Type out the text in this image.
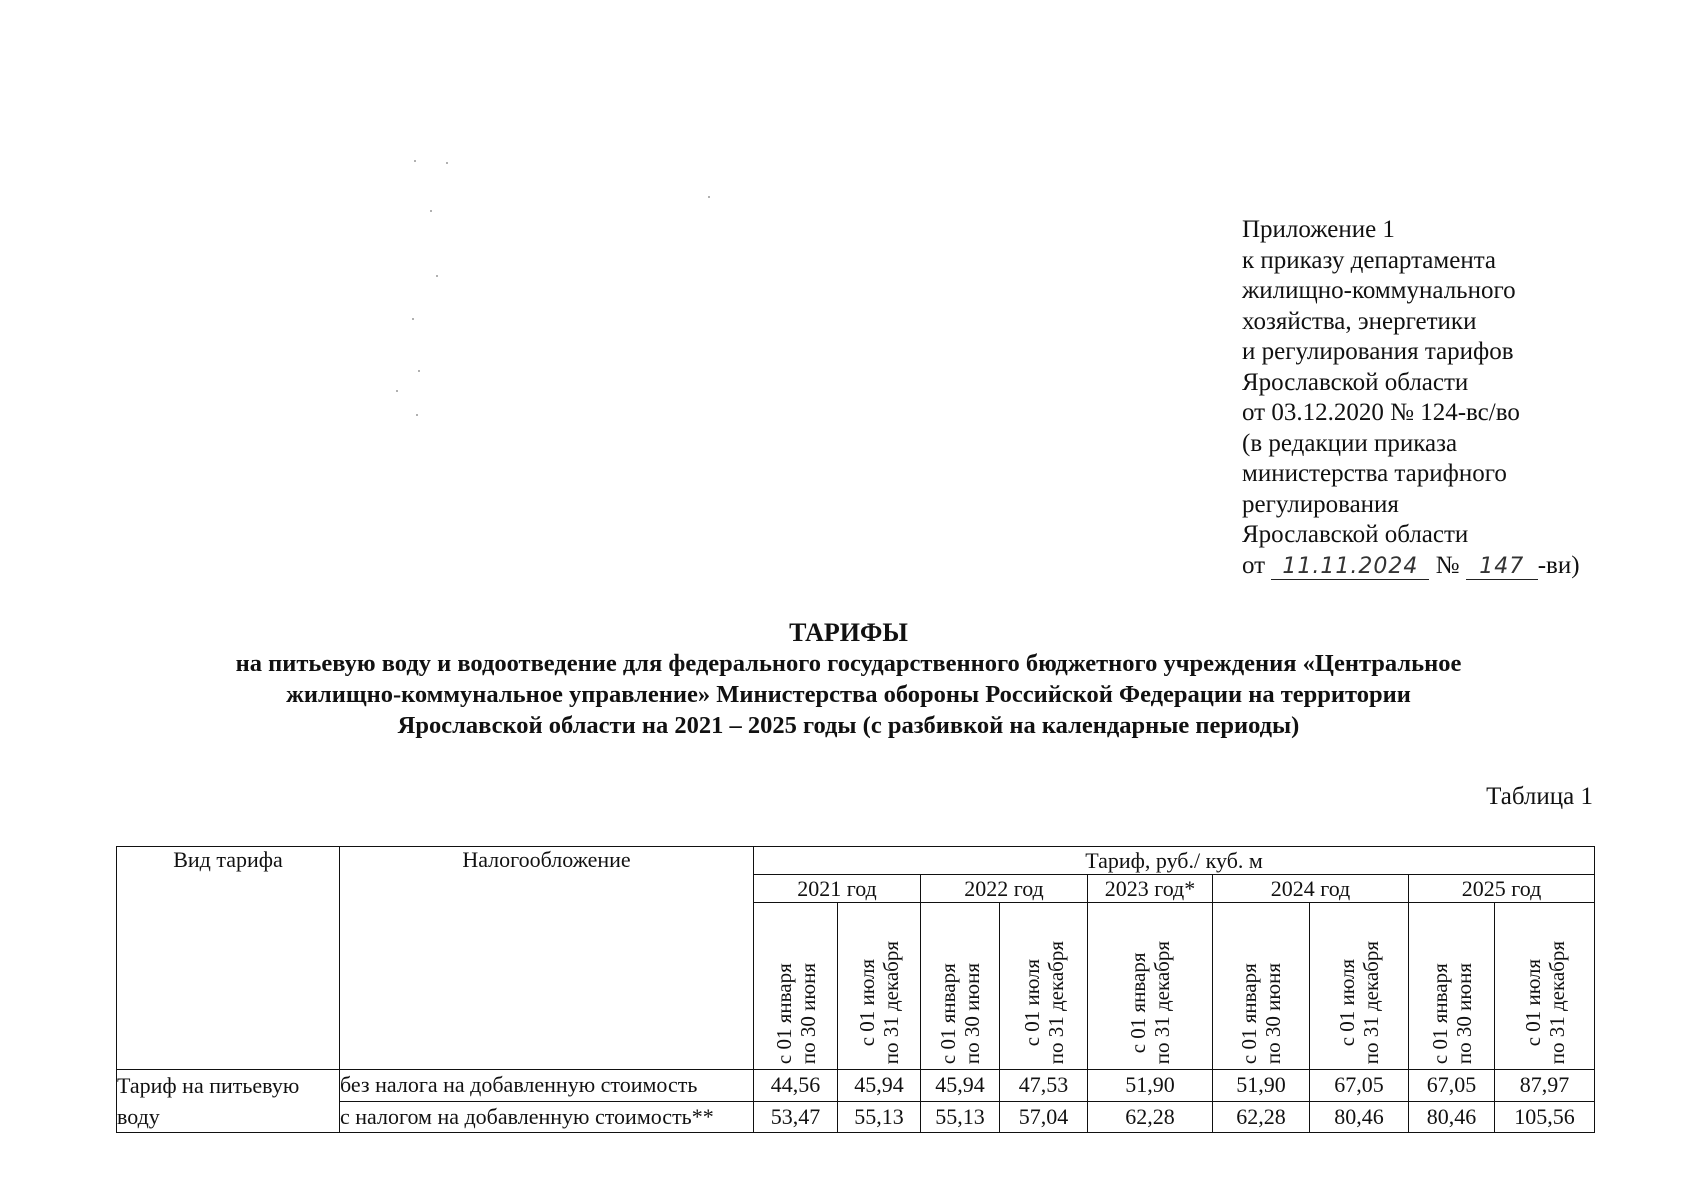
Приложение 1
к приказу департамента
жилищно-коммунального
хозяйства, энергетики
и регулирования тарифов
Ярославской области
от 03.12.2020 № 124-вс/во
(в редакции приказа
министерства тарифного
регулирования
Ярославской области
от 11.11.2024 № 147 -ви)
ТАРИФЫ
на питьевую воду и водоотведение для федерального государственного бюджетного учреждения «Центральное
жилищно-коммунальное управление» Министерства обороны Российской Федерации на территории
Ярославской области на 2021 – 2025 годы (с разбивкой на календарные периоды)
Таблица 1
Вид тарифа	Налогообложение	Тариф, руб./ куб. м								
		2021 год		2022 год		2023 год*	2024 год		2025 год	

		с 01 января
по 30 июня	с 01 июля
по 31 декабря	с 01 января
по 30 июня	с 01 июля
по 31 декабря	с 01 января
по 31 декабря	с 01 января
по 30 июня	с 01 июля
по 31 декабря	с 01 января
по 30 июня	с 01 июля
по 31 декабря

Тариф на питьевую воду	без налога на добавленную стоимость	44,56	45,94	45,94	47,53	51,90	51,90	67,05	67,05	87,97
	с налогом на добавленную стоимость**	53,47	55,13	55,13	57,04	62,28	62,28	80,46	80,46	105,56
